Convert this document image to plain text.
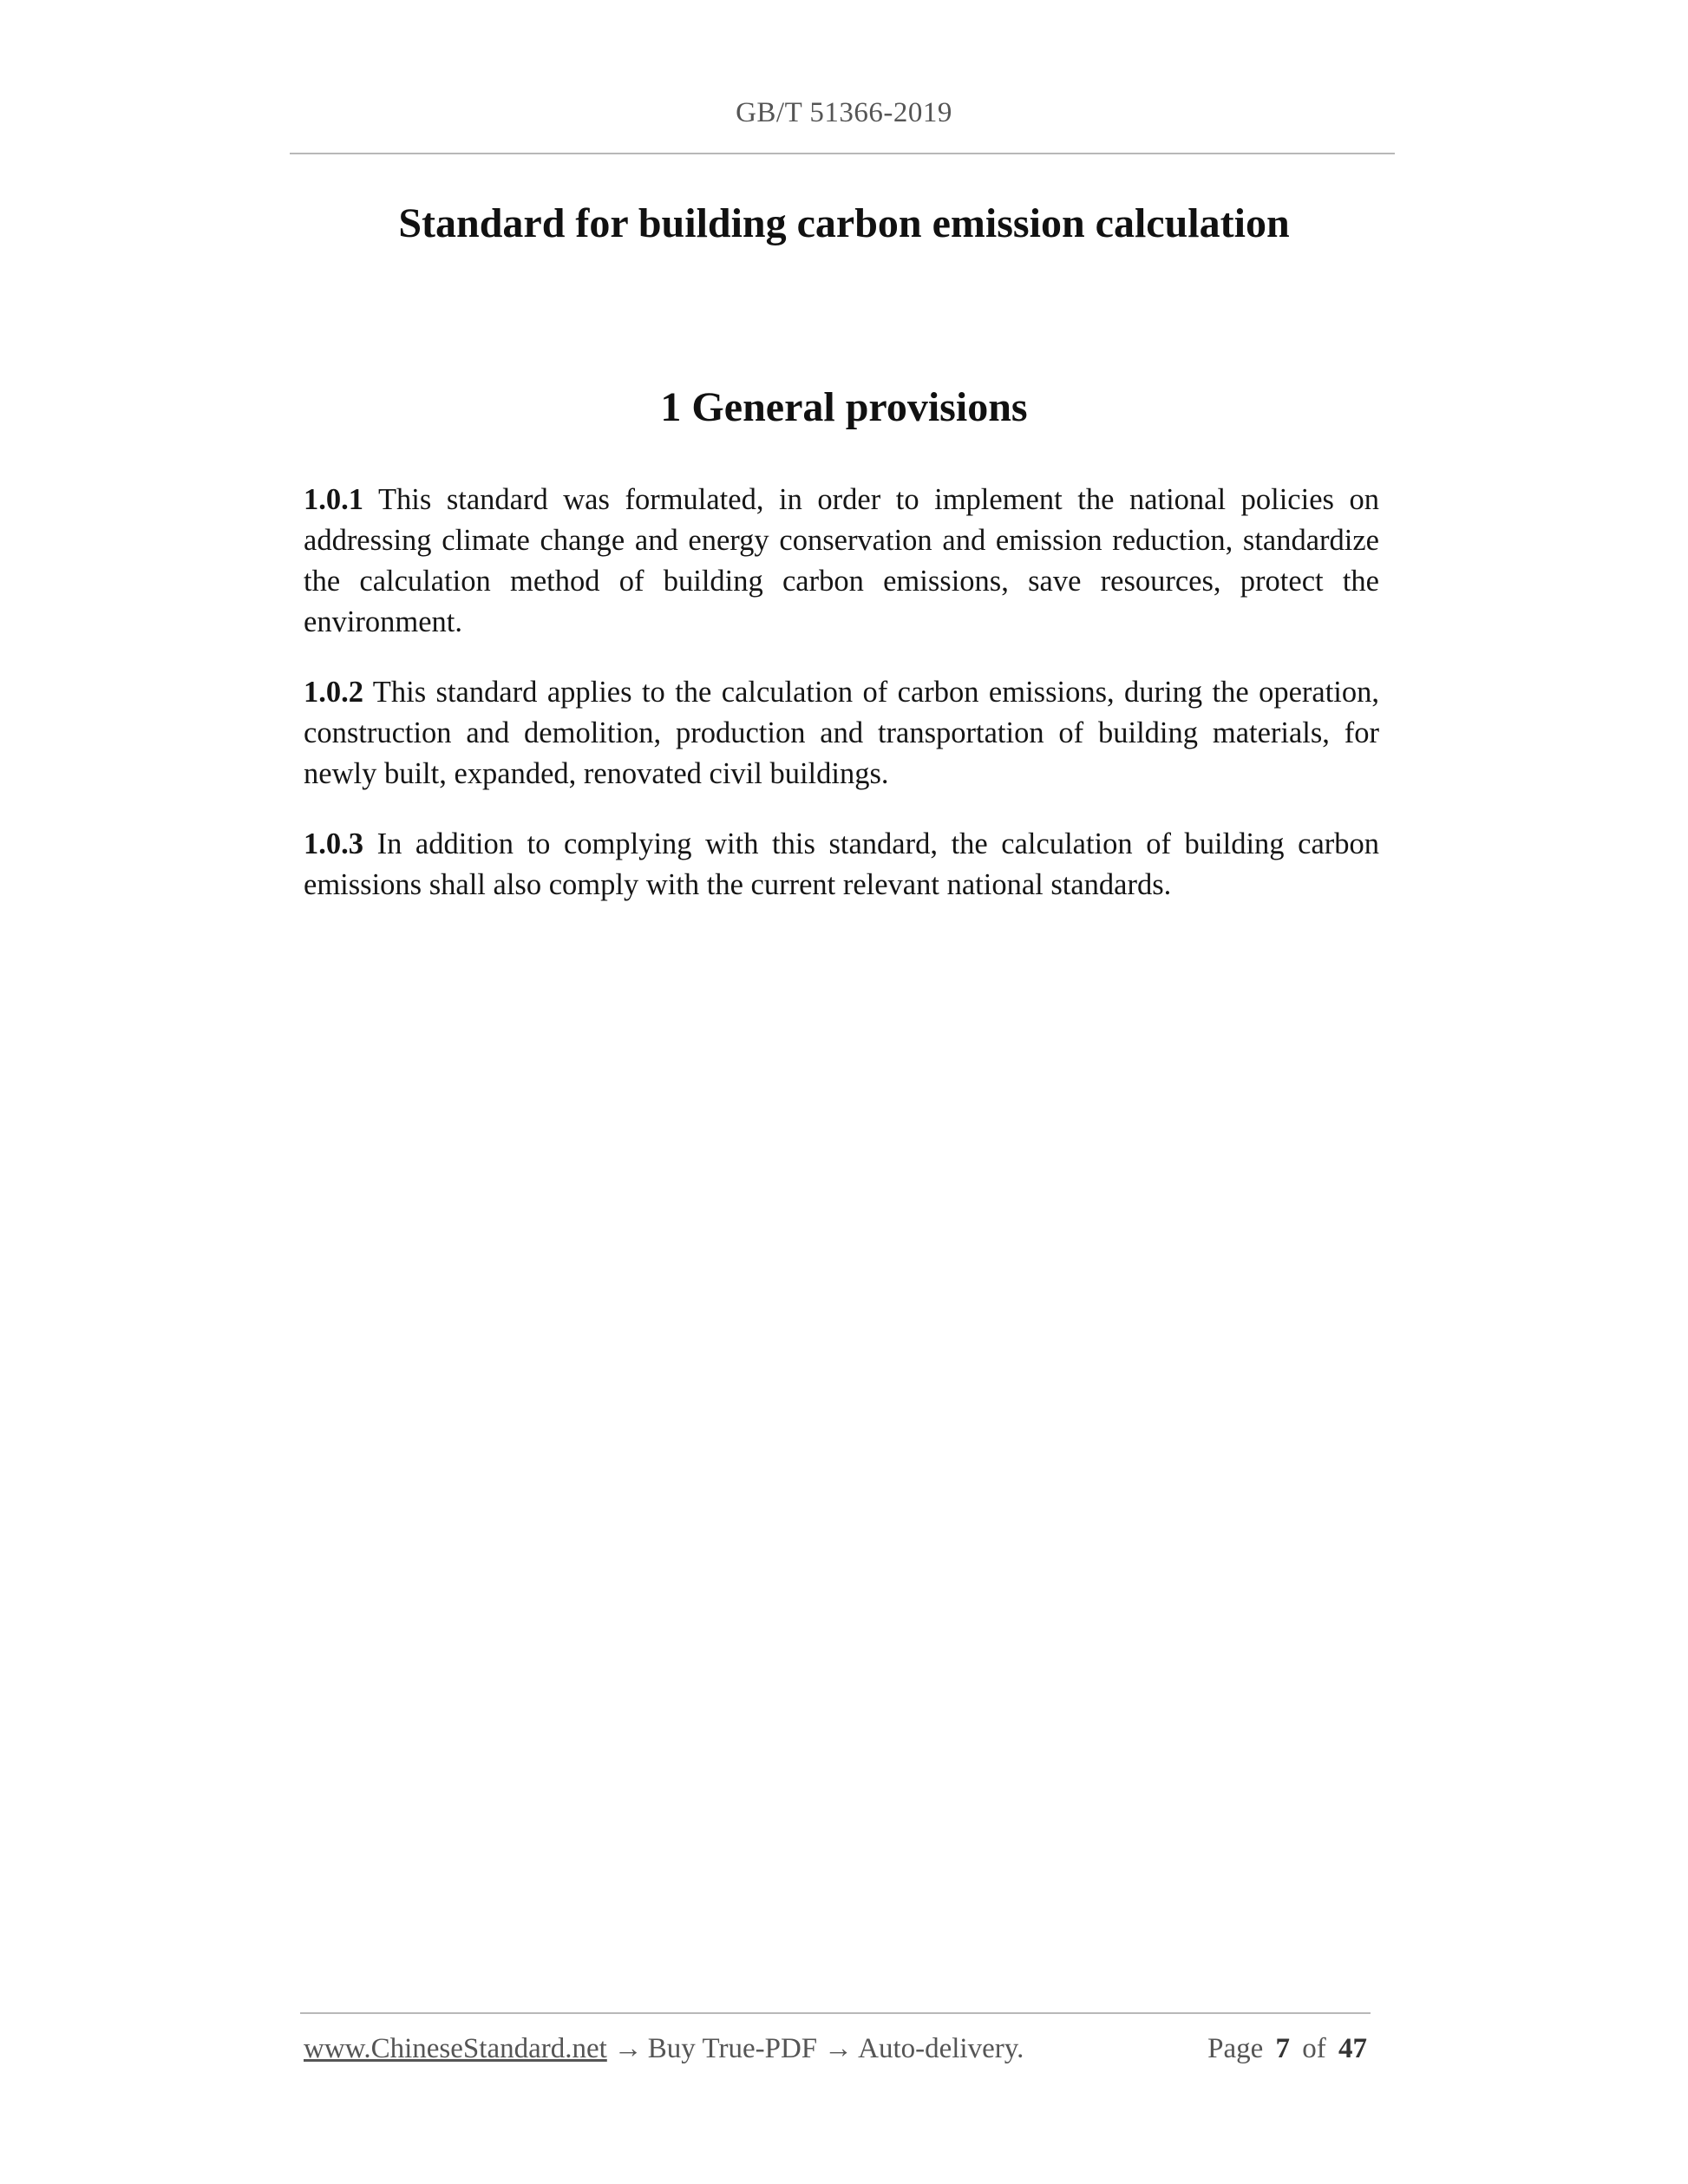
GB/T 51366-2019
Standard for building carbon emission calculation
1 General provisions

1.0.1 This standard was formulated, in order to implement the national policies on addressing climate change and energy conservation and emission reduction, standardize the calculation method of building carbon emissions, save resources, protect the environment.

1.0.2 This standard applies to the calculation of carbon emissions, during the operation, construction and demolition, production and transportation of building materials, for newly built, expanded, renovated civil buildings.

1.0.3 In addition to complying with this standard, the calculation of building carbon emissions shall also comply with the current relevant national standards.

www.ChineseStandard.net → Buy True-PDF → Auto-delivery.	Page 7 of 47
